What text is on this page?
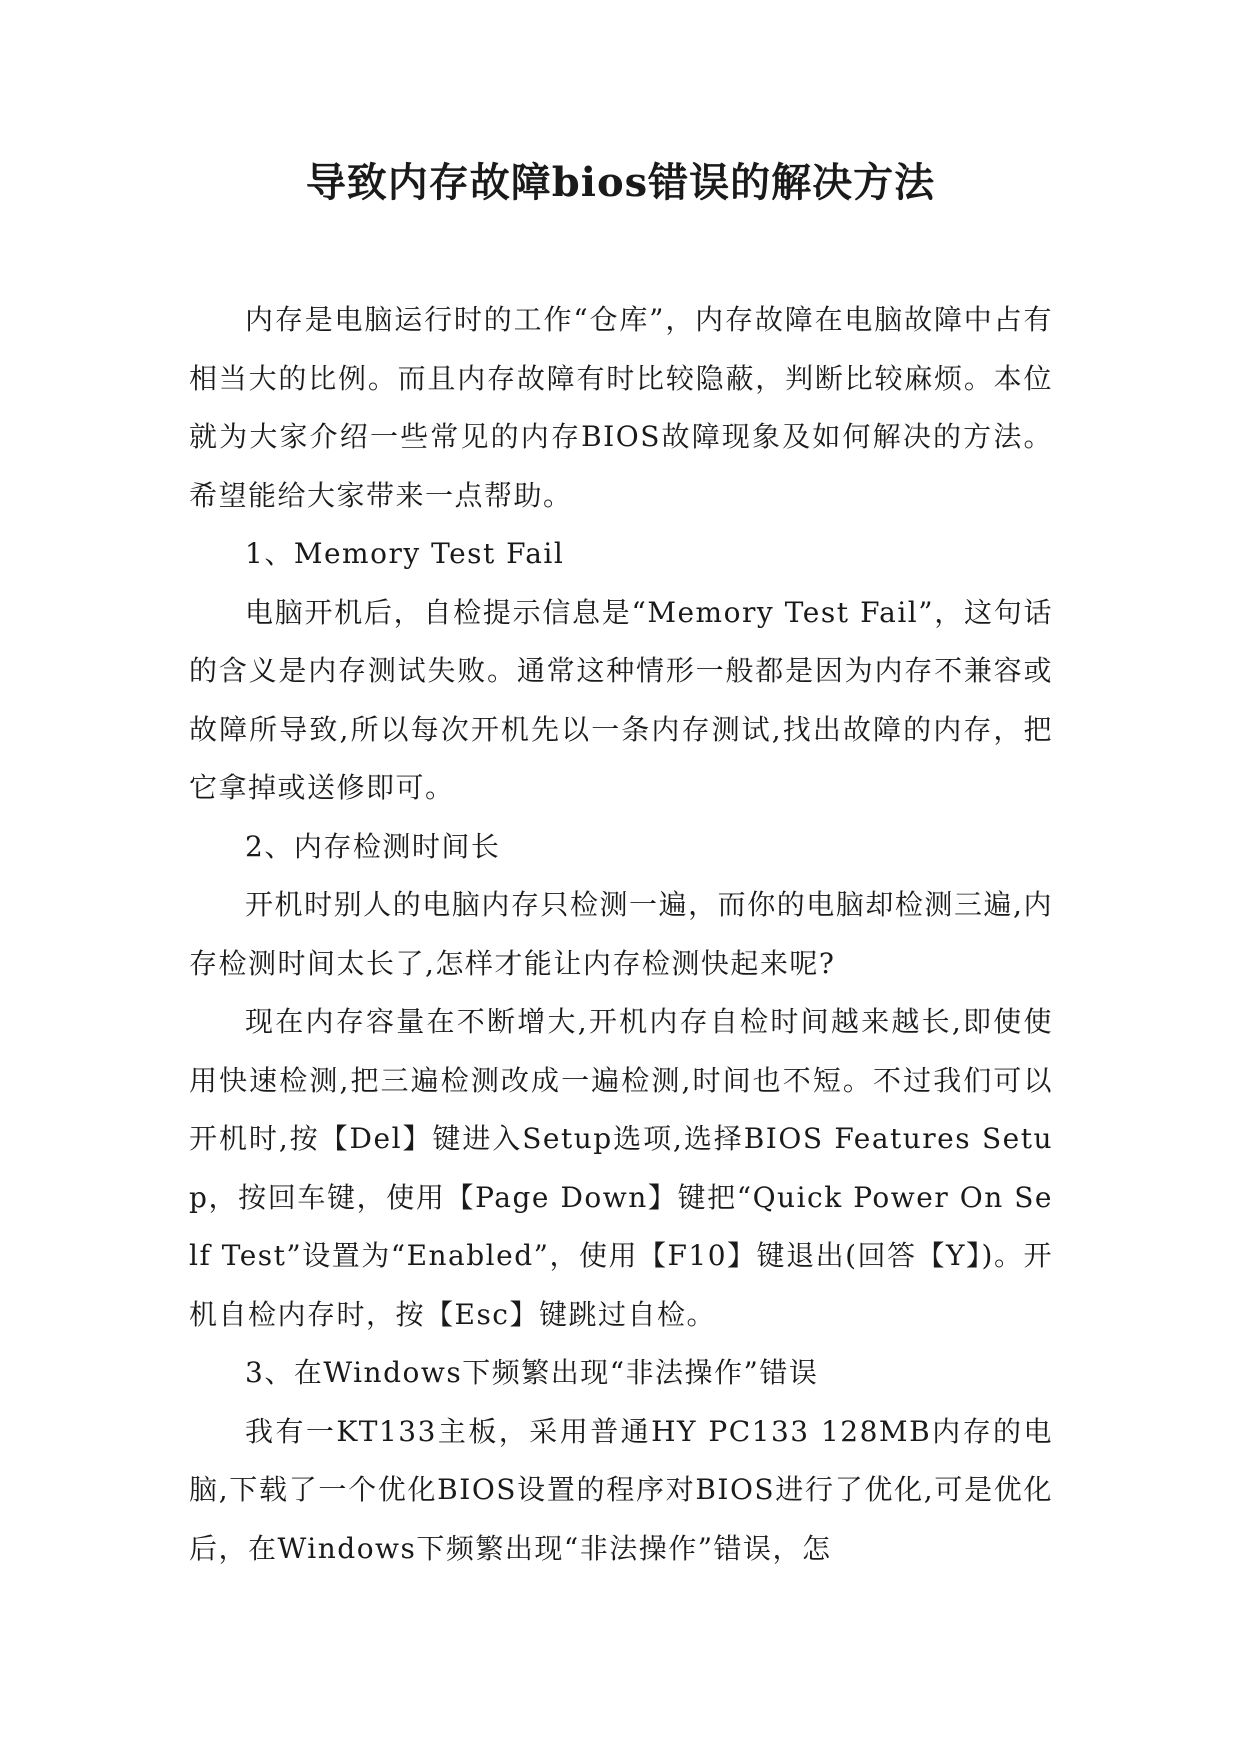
导致内存故障bios错误的解决方法

内存是电脑运行时的工作“仓库”，内存故障在电脑故障中占有相当大的比例。而且内存故障有时比较隐蔽，判断比较麻烦。本位就为大家介绍一些常见的内存BIOS故障现象及如何解决的方法。希望能给大家带来一点帮助。

1、Memory Test Fail

电脑开机后，自检提示信息是“Memory Test Fail”，这句话的含义是内存测试失败。通常这种情形一般都是因为内存不兼容或故障所导致,所以每次开机先以一条内存测试,找出故障的内存，把它拿掉或送修即可。

2、内存检测时间长

开机时别人的电脑内存只检测一遍，而你的电脑却检测三遍,内存检测时间太长了,怎样才能让内存检测快起来呢?

现在内存容量在不断增大,开机内存自检时间越来越长,即使使用快速检测,把三遍检测改成一遍检测,时间也不短。不过我们可以开机时,按【Del】键进入Setup选项,选择BIOS Features Setup，按回车键，使用【Page Down】键把“Quick Power On Self Test”设置为“Enabled”，使用【F10】键退出(回答【Y】)。开机自检内存时，按【Esc】键跳过自检。

3、在Windows下频繁出现“非法操作”错误

我有一KT133主板，采用普通HY PC133 128MB内存的电脑,下载了一个优化BIOS设置的程序对BIOS进行了优化,可是优化后，在Windows下频繁出现“非法操作”错误，怎
